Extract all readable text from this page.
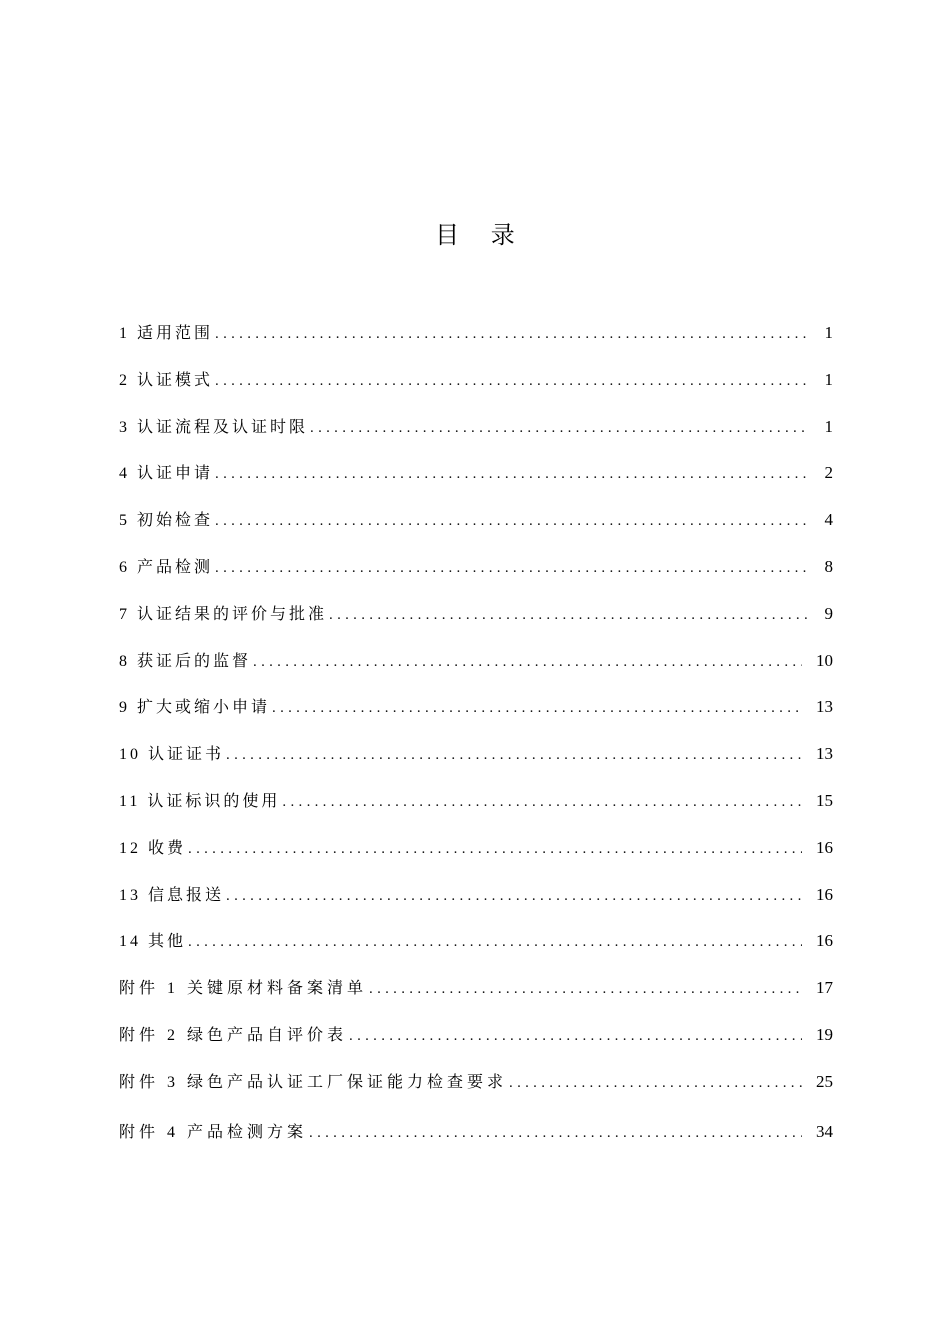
目 录
1 适用范围 .....	1
2 认证模式 .....	1
3 认证流程及认证时限 .....	1
4 认证申请 .....	2
5 初始检查 .....	4
6 产品检测 .....	8
7 认证结果的评价与批准 .....	9
8 获证后的监督 .....	10
9 扩大或缩小申请 .....	13
10 认证证书 .....	13
11 认证标识的使用 .....	15
12 收费 .....	16
13 信息报送 .....	16
14 其他 .....	16
附件 1 关键原材料备案清单 .....	17
附件 2 绿色产品自评价表 .....	19
附件 3 绿色产品认证工厂保证能力检查要求 .....	25
附件 4 产品检测方案 .....	34
